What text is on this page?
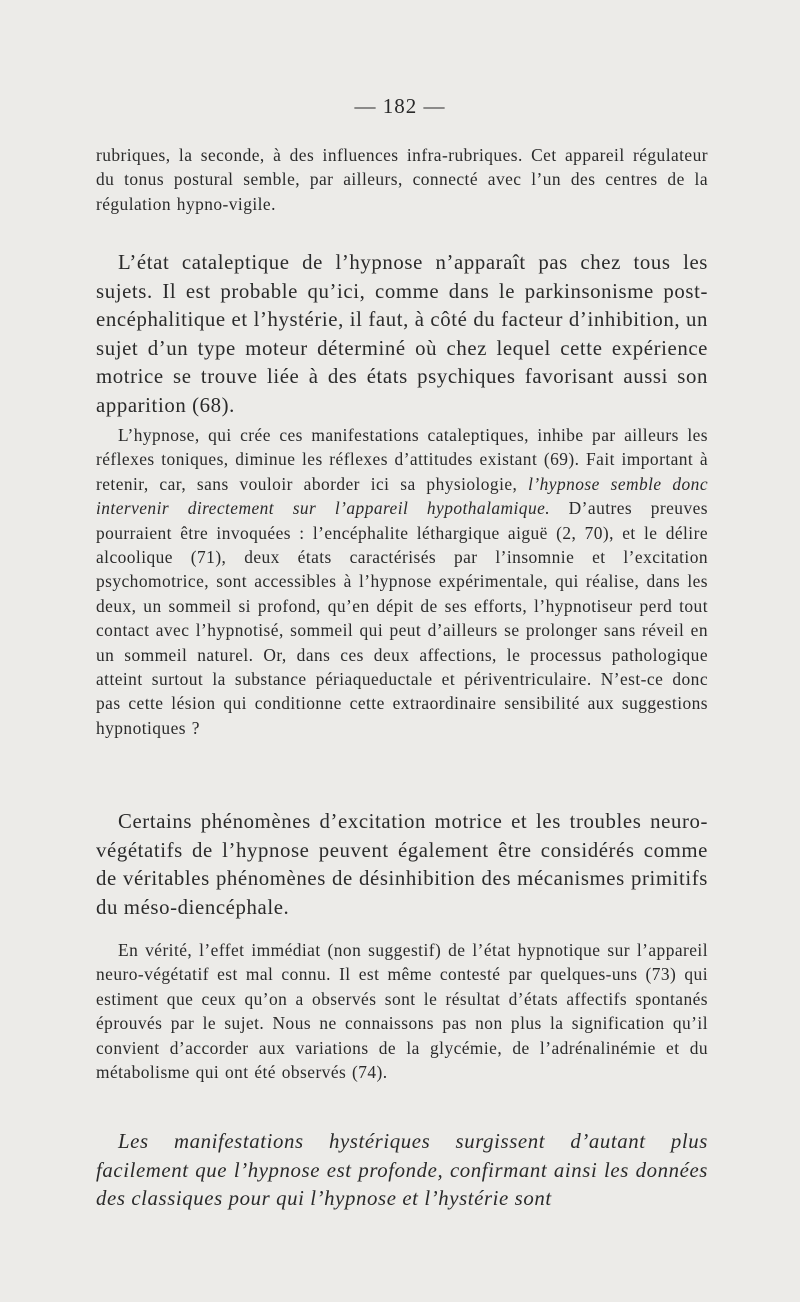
— 182 —

rubriques, la seconde, à des influences infra-rubriques. Cet appareil régulateur du tonus postural semble, par ailleurs, connecté avec l’un des centres de la régulation hypno-vigile.

L’état cataleptique de l’hypnose n’apparaît pas chez tous les sujets. Il est probable qu’ici, comme dans le parkinsonisme post-encéphalitique et l’hystérie, il faut, à côté du facteur d’inhibition, un sujet d’un type moteur déterminé où chez lequel cette expérience motrice se trouve liée à des états psychiques favorisant aussi son apparition (68).

L’hypnose, qui crée ces manifestations cataleptiques, inhibe par ailleurs les réflexes toniques, diminue les réflexes d’attitudes existant (69). Fait important à retenir, car, sans vouloir aborder ici sa physiologie, l’hypnose semble donc intervenir directement sur l’appareil hypothalamique. D’autres preuves pourraient être invoquées : l’encéphalite léthargique aiguë (2, 70), et le délire alcoolique (71), deux états caractérisés par l’insomnie et l’excitation psychomotrice, sont accessibles à l’hypnose expérimentale, qui réalise, dans les deux, un sommeil si profond, qu’en dépit de ses efforts, l’hypnotiseur perd tout contact avec l’hypnotisé, sommeil qui peut d’ailleurs se prolonger sans réveil en un sommeil naturel. Or, dans ces deux affections, le processus pathologique atteint surtout la substance périaqueductale et périventriculaire. N’est-ce donc pas cette lésion qui conditionne cette extraordinaire sensibilité aux suggestions hypnotiques ?

Certains phénomènes d’excitation motrice et les troubles neuro-végétatifs de l’hypnose peuvent également être considérés comme de véritables phénomènes de désinhibition des mécanismes primitifs du méso-diencéphale.

En vérité, l’effet immédiat (non suggestif) de l’état hypnotique sur l’appareil neuro-végétatif est mal connu. Il est même contesté par quelques-uns (73) qui estiment que ceux qu’on a observés sont le résultat d’états affectifs spontanés éprouvés par le sujet. Nous ne connaissons pas non plus la signification qu’il convient d’accorder aux variations de la glycémie, de l’adrénalinémie et du métabolisme qui ont été observés (74).

Les manifestations hystériques surgissent d’autant plus facilement que l’hypnose est profonde, confirmant ainsi les données des classiques pour qui l’hypnose et l’hystérie sont
